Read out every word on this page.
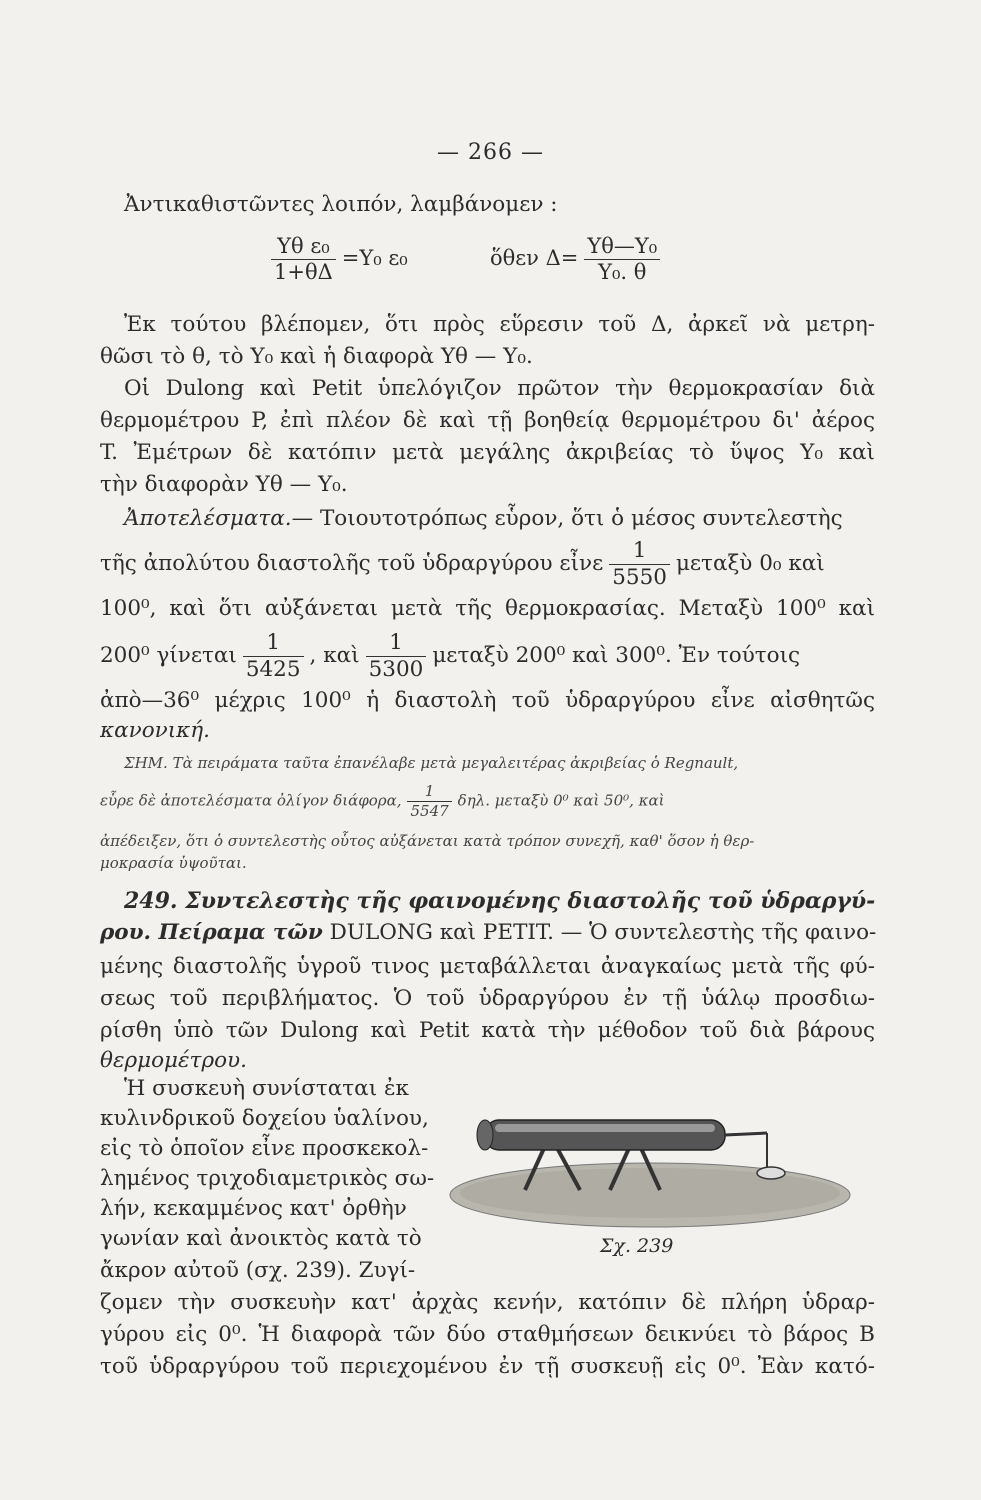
— 266 —
Ἀντικαθιστῶντες λοιπόν, λαμβάνομεν :
$\frac{\text{Yθ ε₀}}{1+\theta\Delta} =Y_0$ ε₀	ὅθεν $\Delta= \frac{\text{Yθ—Y₀}}{\text{Y₀. θ}}$
Ἐκ τούτου βλέπομεν, ὅτι πρὸς εὕρεσιν τοῦ Δ, ἀρκεῖ νὰ μετρη-
θῶσι τὸ θ, τὸ Y₀ καὶ ἡ διαφορὰ Yθ — Y₀.
Οἱ Dulong καὶ Petit ὑπελόγιζον πρῶτον τὴν θερμοκρασίαν διὰ
θερμομέτρου P, ἐπὶ πλέον δὲ καὶ τῇ βοηθείᾳ θερμομέτρου δι' ἀέρος
T. Ἐμέτρων δὲ κατόπιν μετὰ μεγάλης ἀκριβείας τὸ ὕψος Y₀ καὶ
τὴν διαφορὰν Yθ — Y₀.
Ἀποτελέσματα.— Τοιουτοτρόπως εὗρον, ὅτι ὁ μέσος συντελεστὴς
τῆς ἀπολύτου διαστολῆς τοῦ ὑδραργύρου εἶνε $\frac{1}{5550}$ μεταξὺ 0₀ καὶ
100⁰, καὶ ὅτι αὐξάνεται μετὰ τῆς θερμοκρασίας. Μεταξὺ 100⁰ καὶ
200⁰ γίνεται $\frac{1}{5425}$ , καὶ $\frac{1}{5300}$ μεταξὺ 200⁰ καὶ 300⁰. Ἐν τούτοις
ἀπὸ—36⁰ μέχρις 100⁰ ἡ διαστολὴ τοῦ ὑδραργύρου εἶνε αἰσθητῶς
κανονική.
ΣΗΜ. Τὰ πειράματα ταῦτα ἐπανέλαβε μετὰ μεγαλειτέρας ἀκριβείας ὁ Regnault,
εὗρε δὲ ἀποτελέσματα ὀλίγον διάφορα, $\frac{1}{5547} \delta\eta\lambda$. μεταξὺ 0⁰ καὶ 50⁰, καὶ
ἀπέδειξεν, ὅτι ὁ συντελεστὴς οὗτος αὐξάνεται κατὰ τρόπον συνεχῆ, καθ' ὅσον ἡ θερ-
μοκρασία ὑψοῦται.
249. Συντελεστὴς τῆς φαινομένης διαστολῆς τοῦ ὑδραργύ-
ρου. Πείραμα τῶν DULONG καὶ PETIT. — Ὁ συντελεστὴς τῆς φαινο-
μένης διαστολῆς ὑγροῦ τινος μεταβάλλεται ἀναγκαίως μετὰ τῆς φύ-
σεως τοῦ περιβλήματος. Ὁ τοῦ ὑδραργύρου ἐν τῇ ὑάλῳ προσδιω-
ρίσθη ὑπὸ τῶν Dulong καὶ Petit κατὰ τὴν μέθοδον τοῦ διὰ βάρους
θερμομέτρου.
Ἡ συσκευὴ συνίσταται ἐκ
κυλινδρικοῦ δοχείου ὑαλίνου,
εἰς τὸ ὁποῖον εἶνε προσκεκολ-
λημένος τριχοδιαμετρικὸς σω-
λήν, κεκαμμένος κατ' ὀρθὴν
γωνίαν καὶ ἀνοικτὸς κατὰ τὸ
ἄκρον αὐτοῦ (σχ. 239). Ζυγί-
Σχ. 239
ζομεν τὴν συσκευὴν κατ' ἀρχὰς κενήν, κατόπιν δὲ πλήρη ὑδραρ-
γύρου εἰς 0⁰. Ἡ διαφορὰ τῶν δύο σταθμήσεων δεικνύει τὸ βάρος B
τοῦ ὑδραργύρου τοῦ περιεχομένου ἐν τῇ συσκευῇ εἰς 0⁰. Ἐὰν κατό-
